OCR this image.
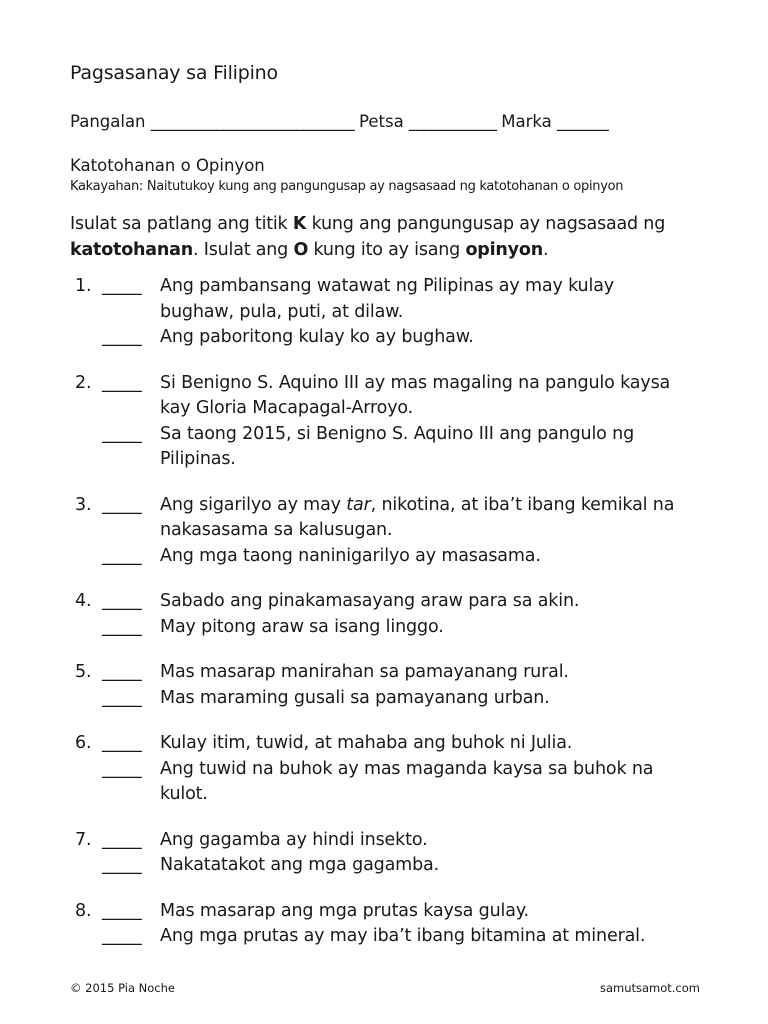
Pagsasanay sa Filipino
Pangalan ____________________________ Petsa ____________ Marka _______
Katotohanan o Opinyon
Kakayahan: Naitutukoy kung ang pangungusap ay nagsasaad ng katotohanan o opinyon
Isulat sa patlang ang titik K kung ang pangungusap ay nagsasaad ng katotohanan. Isulat ang O kung ito ay isang opinyon.
1. _____	Ang pambansang watawat ng Pilipinas ay may kulay
bughaw, pula, puti, at dilaw.
_____	Ang paboritong kulay ko ay bughaw.
2. _____	Si Benigno S. Aquino III ay mas magaling na pangulo kaysa
kay Gloria Macapagal-Arroyo.
_____	Sa taong 2015, si Benigno S. Aquino III ang pangulo ng
Pilipinas.
3. _____	Ang sigarilyo ay may tar, nikotina, at iba’t ibang kemikal na
nakasasama sa kalusugan.
_____	Ang mga taong naninigarilyo ay masasama.
4. _____	Sabado ang pinakamasayang araw para sa akin.
_____	May pitong araw sa isang linggo.
5. _____	Mas masarap manirahan sa pamayanang rural.
_____	Mas maraming gusali sa pamayanang urban.
6. _____	Kulay itim, tuwid, at mahaba ang buhok ni Julia.
_____	Ang tuwid na buhok ay mas maganda kaysa sa buhok na
kulot.
7. _____	Ang gagamba ay hindi insekto.
_____	Nakatatakot ang mga gagamba.
8. _____	Mas masarap ang mga prutas kaysa gulay.
_____	Ang mga prutas ay may iba’t ibang bitamina at mineral.
© 2015 Pia Noche	samutsamot.com
